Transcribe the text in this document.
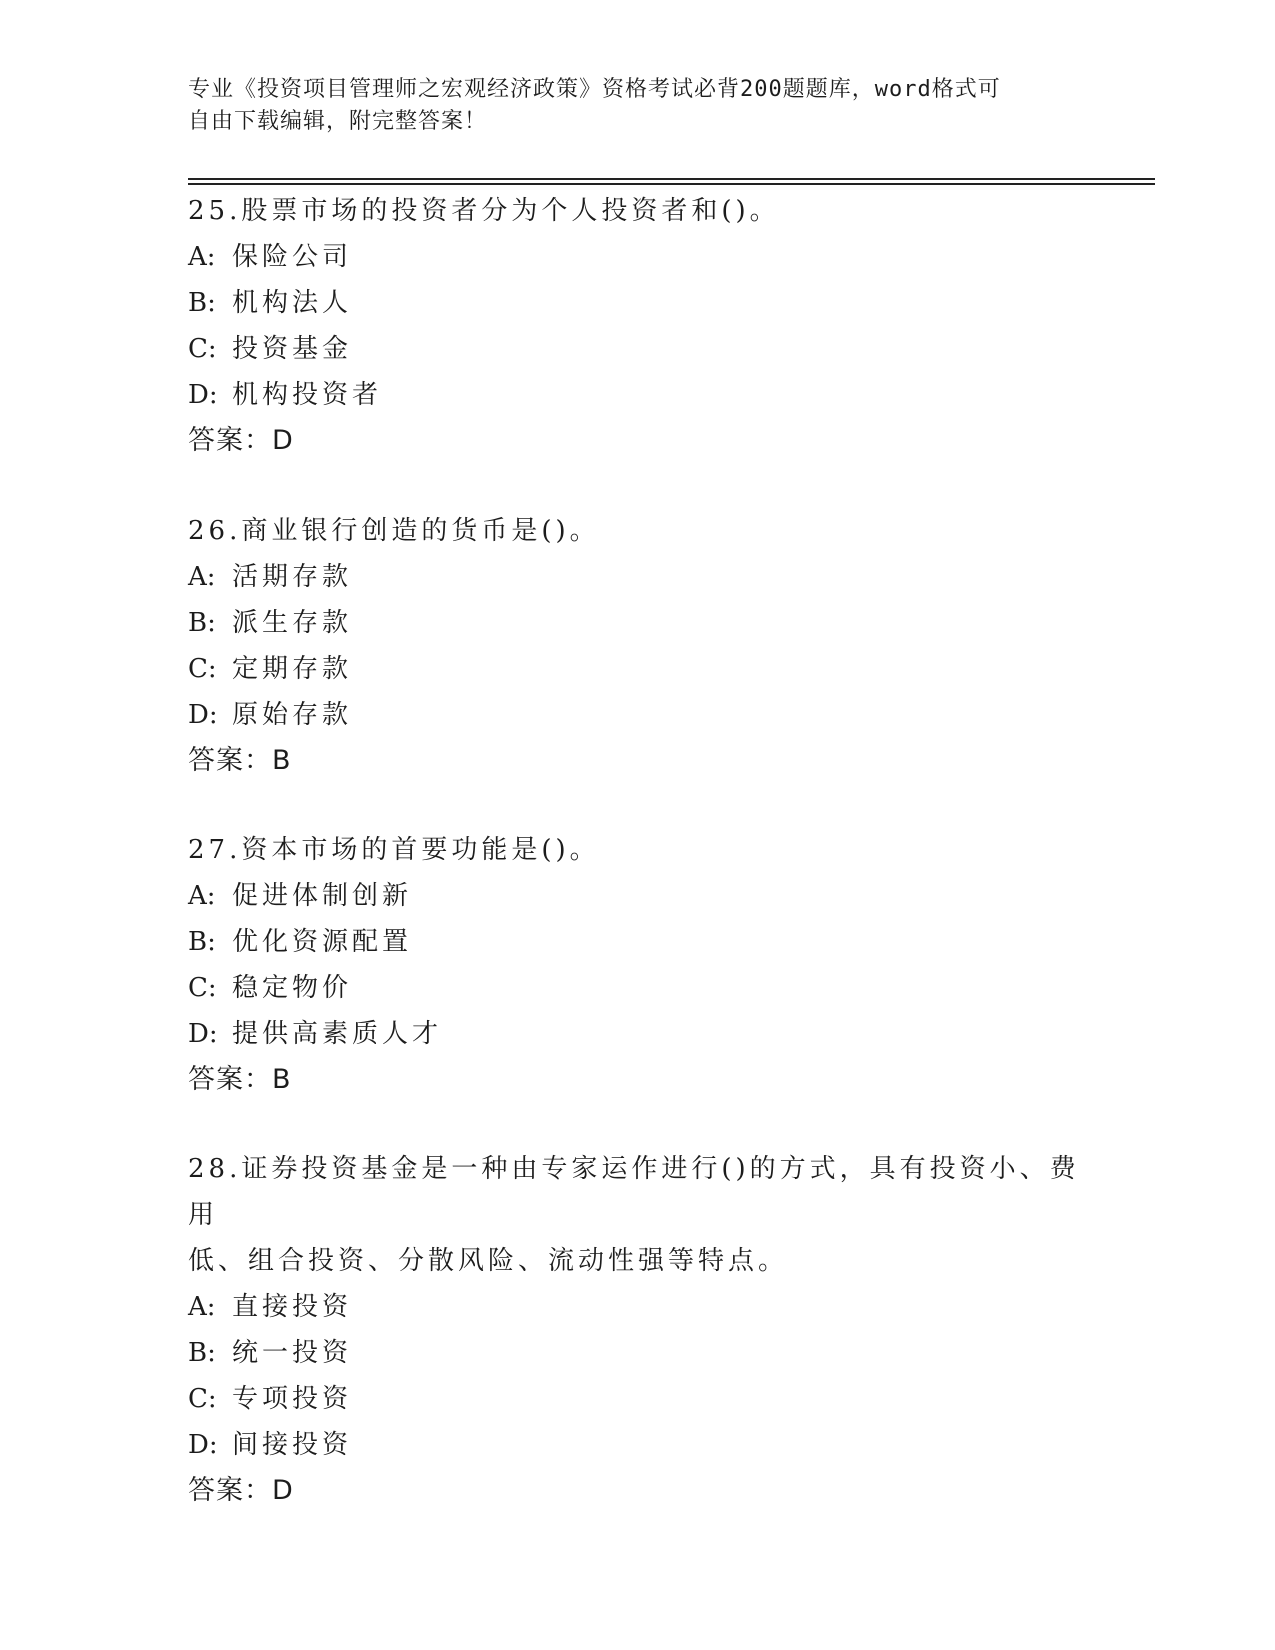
专业《投资项目管理师之宏观经济政策》资格考试必背200题题库，word格式可
自由下载编辑，附完整答案！

25.股票市场的投资者分为个人投资者和()。

A: 保险公司

B: 机构法人

C: 投资基金

D: 机构投资者

答案：D

26.商业银行创造的货币是()。

A: 活期存款

B: 派生存款

C: 定期存款

D: 原始存款

答案：B

27.资本市场的首要功能是()。

A: 促进体制创新

B: 优化资源配置

C: 稳定物价

D: 提供高素质人才

答案：B

28.证券投资基金是一种由专家运作进行()的方式，具有投资小、费用

低、组合投资、分散风险、流动性强等特点。

A: 直接投资

B: 统一投资

C: 专项投资

D: 间接投资

答案：D
